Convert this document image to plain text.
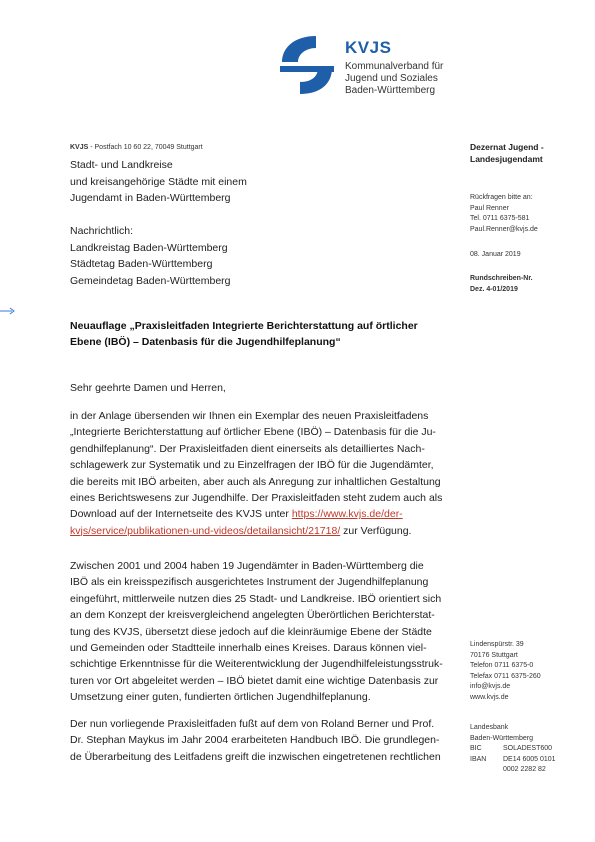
KVJS
Kommunalverband für
Jugend und Soziales
Baden-Württemberg
KVJS - Postfach 10 60 22, 70049 Stuttgart
Stadt- und Landkreise
und kreisangehörige Städte mit einem
Jugendamt in Baden-Württemberg
Nachrichtlich:
Landkreistag Baden-Württemberg
Städtetag Baden-Württemberg
Gemeindetag Baden-Württemberg
Dezernat Jugend -
Landesjugendamt
Rückfragen bitte an:
Paul Renner
Tel. 0711 6375-581
Paul.Renner@kvjs.de
08. Januar 2019
Rundschreiben-Nr.
Dez. 4-01/2019
Lindenspürstr. 39
70176 Stuttgart
Telefon 0711 6375-0
Telefax 0711 6375-260
info@kvjs.de
www.kvjs.de
Landesbank
Baden-Württemberg
BIC	SOLADEST600
IBAN DE14 6005 0101
0002 2282 82
Neuauflage „Praxisleitfaden Integrierte Berichterstattung auf örtlicher
Ebene (IBÖ) – Datenbasis für die Jugendhilfeplanung“
Sehr geehrte Damen und Herren,
in der Anlage übersenden wir Ihnen ein Exemplar des neuen Praxisleitfadens
„Integrierte Berichterstattung auf örtlicher Ebene (IBÖ) – Datenbasis für die Ju-
gendhilfeplanung“. Der Praxisleitfaden dient einerseits als detailliertes Nach-
schlagewerk zur Systematik und zu Einzelfragen der IBÖ für die Jugendämter,
die bereits mit IBÖ arbeiten, aber auch als Anregung zur inhaltlichen Gestaltung
eines Berichtswesens zur Jugendhilfe. Der Praxisleitfaden steht zudem auch als
Download auf der Internetseite des KVJS unter https://www.kvjs.de/der-
kvjs/service/publikationen-und-videos/detailansicht/21718/ zur Verfügung.
Zwischen 2001 und 2004 haben 19 Jugendämter in Baden-Württemberg die
IBÖ als ein kreisspezifisch ausgerichtetes Instrument der Jugendhilfeplanung
eingeführt, mittlerweile nutzen dies 25 Stadt- und Landkreise. IBÖ orientiert sich
an dem Konzept der kreisvergleichend angelegten Überörtlichen Berichterstat-
tung des KVJS, übersetzt diese jedoch auf die kleinräumige Ebene der Städte
und Gemeinden oder Stadtteile innerhalb eines Kreises. Daraus können viel-
schichtige Erkenntnisse für die Weiterentwicklung der Jugendhilfeleistungsstruk-
turen vor Ort abgeleitet werden – IBÖ bietet damit eine wichtige Datenbasis zur
Umsetzung einer guten, fundierten örtlichen Jugendhilfeplanung.
Der nun vorliegende Praxisleitfaden fußt auf dem von Roland Berner und Prof.
Dr. Stephan Maykus im Jahr 2004 erarbeiteten Handbuch IBÖ. Die grundlegen-
de Überarbeitung des Leitfadens greift die inzwischen eingetretenen rechtlichen
